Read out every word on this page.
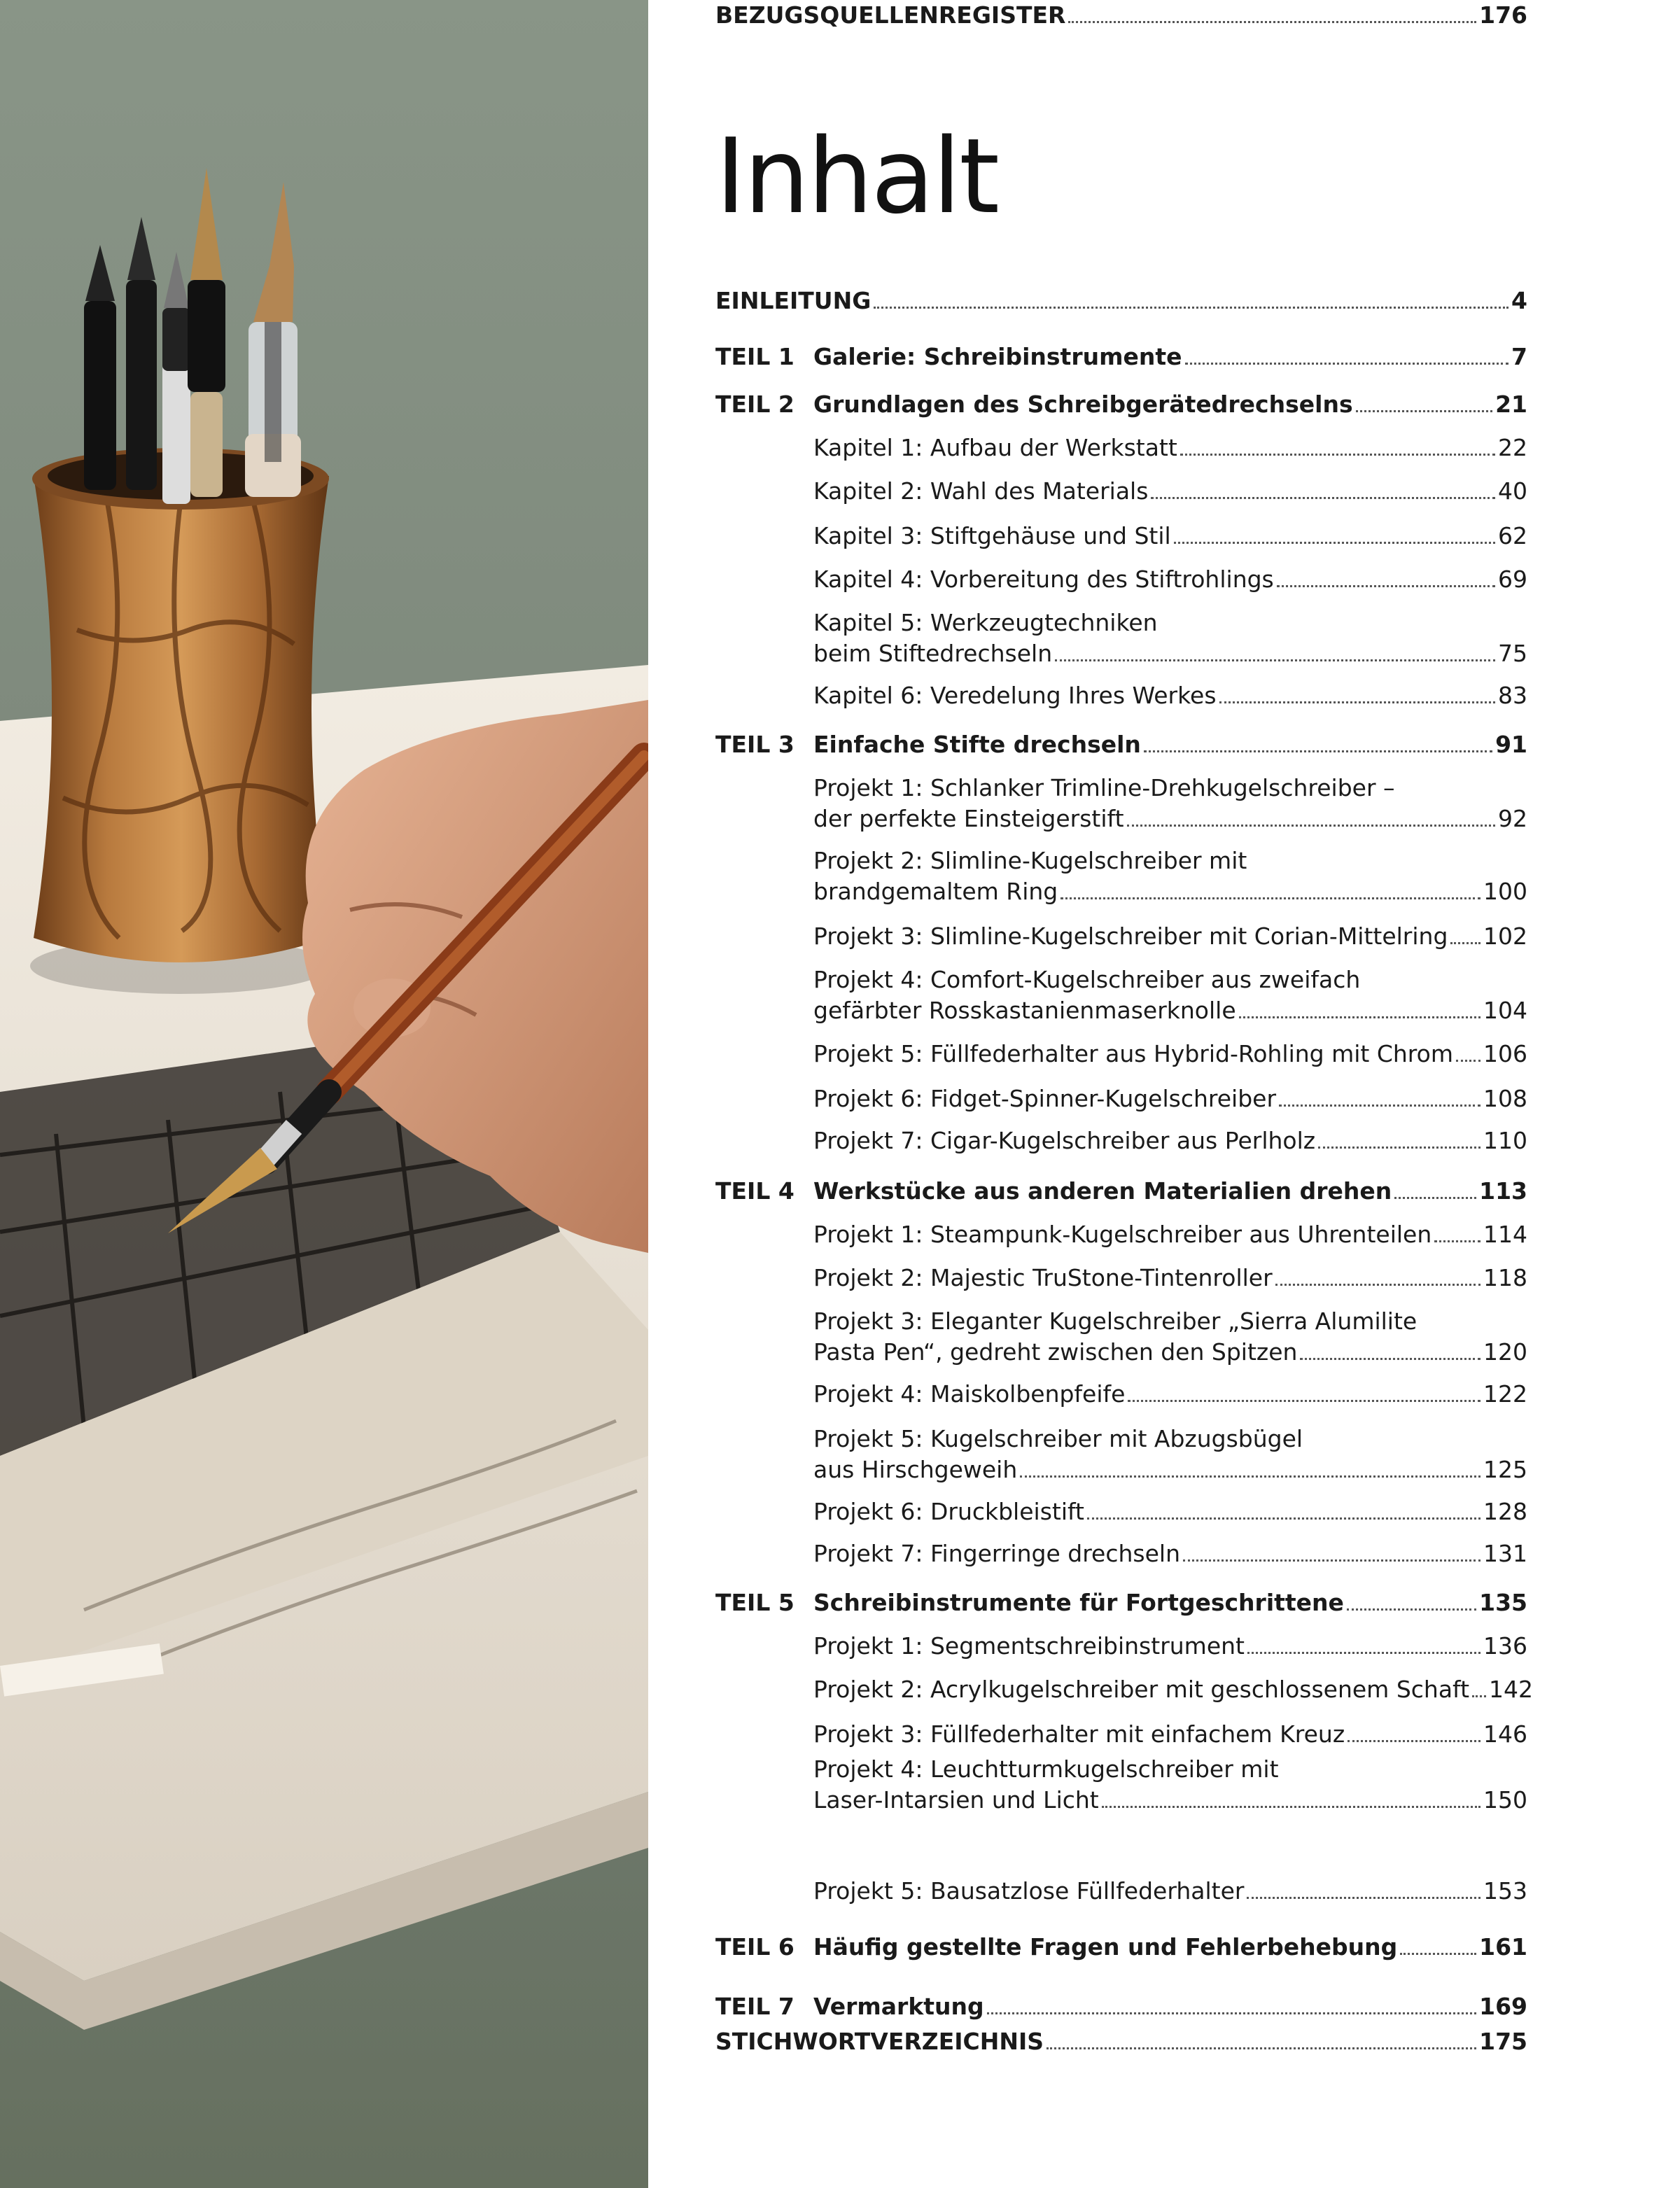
Inhalt
EINLEITUNG	4
TEIL 1 Galerie: Schreibinstrumente	7
TEIL 2 Grundlagen des Schreibgerätedrechselns	21
Kapitel 1: Aufbau der Werkstatt	22
Kapitel 2: Wahl des Materials	40
Kapitel 3: Stiftgehäuse und Stil	62
Kapitel 4: Vorbereitung des Stiftrohlings	69
Kapitel 5: Werkzeugtechniken
beim Stiftedrechseln	75
Kapitel 6: Veredelung Ihres Werkes	83
TEIL 3 Einfache Stifte drechseln	91
Projekt 1: Schlanker Trimline-Drehkugelschreiber –
der perfekte Einsteigerstift	92
Projekt 2: Slimline-Kugelschreiber mit
brandgemaltem Ring	100
Projekt 3: Slimline-Kugelschreiber mit Corian-Mittelring 102
Projekt 4: Comfort-Kugelschreiber aus zweifach
gefärbter Rosskastanienmaserknolle	104
Projekt 5: Füllfederhalter aus Hybrid-Rohling mit Chrom 106
Projekt 6: Fidget-Spinner-Kugelschreiber	108
Projekt 7: Cigar-Kugelschreiber aus Perlholz	110
TEIL 4 Werkstücke aus anderen Materialien drehen	113
Projekt 1: Steampunk-Kugelschreiber aus Uhrenteilen 114
Projekt 2: Majestic TruStone-Tintenroller	118
Projekt 3: Eleganter Kugelschreiber „Sierra Alumilite
Pasta Pen“, gedreht zwischen den Spitzen	120
Projekt 4: Maiskolbenpfeife	122
Projekt 5: Kugelschreiber mit Abzugsbügel
aus Hirschgeweih	125
Projekt 6: Druckbleistift	128
Projekt 7: Fingerringe drechseln	131
TEIL 5 Schreibinstrumente für Fortgeschrittene	135
Projekt 1: Segmentschreibinstrument	136
Projekt 2: Acrylkugelschreiber mit geschlossenem Schaft 142
Projekt 3: Füllfederhalter mit einfachem Kreuz	146
Projekt 4: Leuchtturmkugelschreiber mit
Laser-Intarsien und Licht	150
Projekt 5: Bausatzlose Füllfederhalter	153
TEIL 6 Häufig gestellte Fragen und Fehlerbehebung	161
TEIL 7 Vermarktung	169
STICHWORTVERZEICHNIS	175
BEZUGSQUELLENREGISTER	176
